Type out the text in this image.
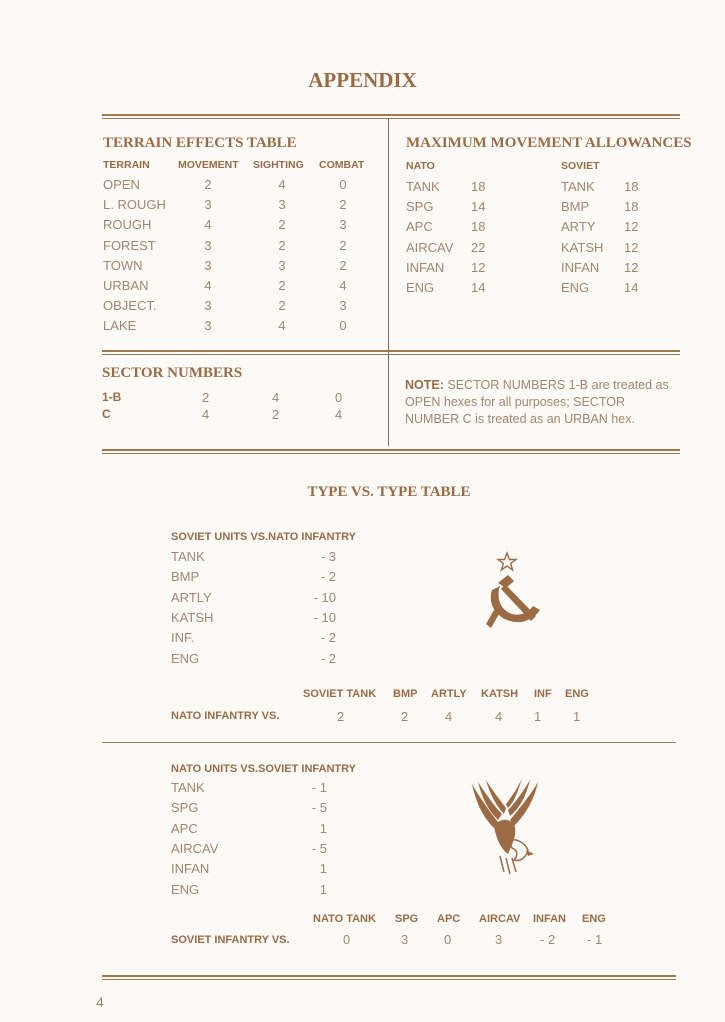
APPENDIX
TERRAIN EFFECTS TABLE
TERRAIN	MOVEMENT SIGHTING COMBAT
OPEN	2	4	0
L. ROUGH	3	3	2
ROUGH	4	2	3
FOREST	3	2	2
TOWN	3	3	2
URBAN	4	2	4
OBJECT.	3	2	3
LAKE	3	4	0
MAXIMUM MOVEMENT ALLOWANCES
NATO	SOVIET
TANK 18
SPG	14
APC	18
AIRCAV 22
INFAN 12
ENG	14
TANK 18
BMP	18
ARTY 12
KATSH 12
INFAN 12
ENG	14
SECTOR NUMBERS
1-B	2	4	0
C	4	2	4
NOTE: SECTOR NUMBERS 1-B are treated as OPEN hexes for all purposes; SECTOR NUMBER C is treated as an URBAN hex.
TYPE VS. TYPE TABLE
SOVIET UNITS VS.NATO INFANTRY
TANK	- 3
BMP	- 2
ARTLY	- 10
KATSH	- 10
INF.	- 2
ENG	- 2
SOVIET TANK BMP ARTLY KATSH INF ENG
NATO INFANTRY VS.	2	2	4	4 1 1
NATO UNITS VS.SOVIET INFANTRY
TANK	- 1
SPG	- 5
APC	1
AIRCAV	- 5
INFAN	1
ENG	1
NATO TANK SPG APC AIRCAV INFAN ENG
SOVIET INFANTRY VS.	0	3	0	3	- 2 - 1
4
